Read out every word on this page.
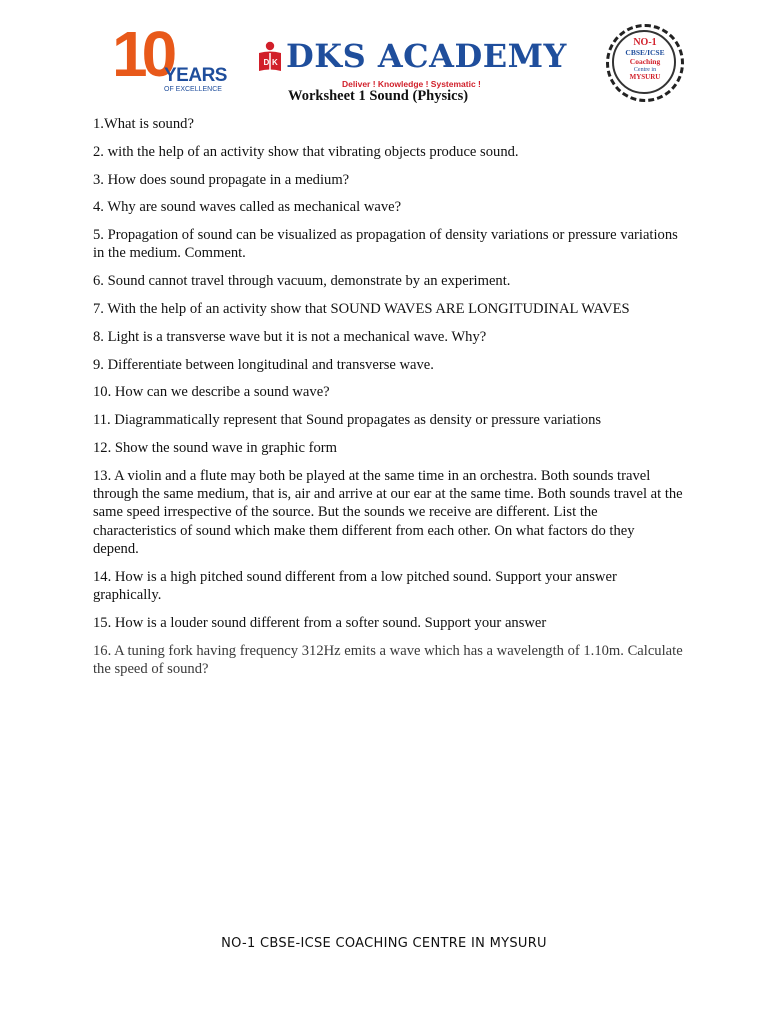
10
YEARS
OF EXCELLENCE
D K DKS ACADEMY
Deliver ! Knowledge ! Systematic !
NO-1
CBSE/ICSE
Coaching
Centre in
MYSURU
Worksheet 1 Sound (Physics)

1.What is sound?

2. with the help of an activity show that vibrating objects produce sound.

3. How does sound propagate in a medium?

4. Why are sound waves called as mechanical wave?

5. Propagation of sound can be visualized as propagation of density variations or pressure variations in the medium. Comment.

6. Sound cannot travel through vacuum, demonstrate by an experiment.

7. With the help of an activity show that SOUND WAVES ARE LONGITUDINAL WAVES

8. Light is a transverse wave but it is not a mechanical wave. Why?

9. Differentiate between longitudinal and transverse wave.

10. How can we describe a sound wave?

11. Diagrammatically represent that Sound propagates as density or pressure variations

12. Show the sound wave in graphic form

13. A violin and a flute may both be played at the same time in an orchestra. Both sounds travel through the same medium, that is, air and arrive at our ear at the same time. Both sounds travel at the same speed irrespective of the source. But the sounds we receive are different. List the characteristics of sound which make them different from each other. On what factors do they depend.

14. How is a high pitched sound different from a low pitched sound. Support your answer graphically.

15. How is a louder sound different from a softer sound. Support your answer

16. A tuning fork having frequency 312Hz emits a wave which has a wavelength of 1.10m. Calculate the speed of sound?

NO-1 CBSE-ICSE COACHING CENTRE IN MYSURU
